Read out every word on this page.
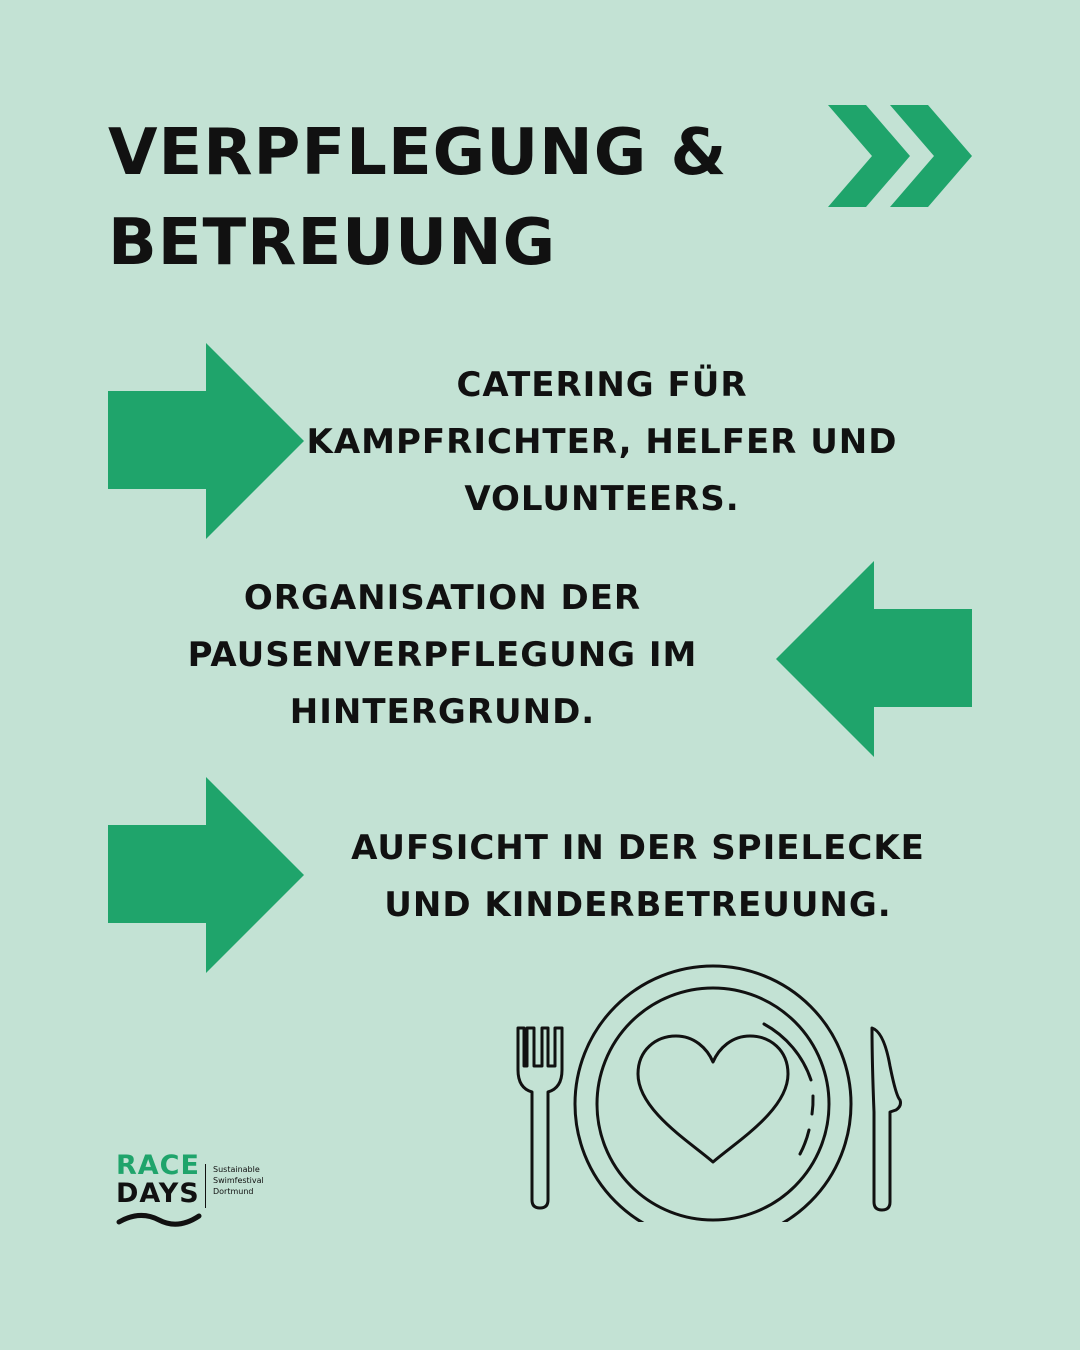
VERPFLEGUNG &
BETREUUNG
CATERING FÜR
KAMPFRICHTER, HELFER UND
VOLUNTEERS.
ORGANISATION DER
PAUSENVERPFLEGUNG IM
HINTERGRUND.
AUFSICHT IN DER SPIELECKE
UND KINDERBETREUUNG.
RACE
DAYS
Sustainable
Swimfestival
Dortmund
